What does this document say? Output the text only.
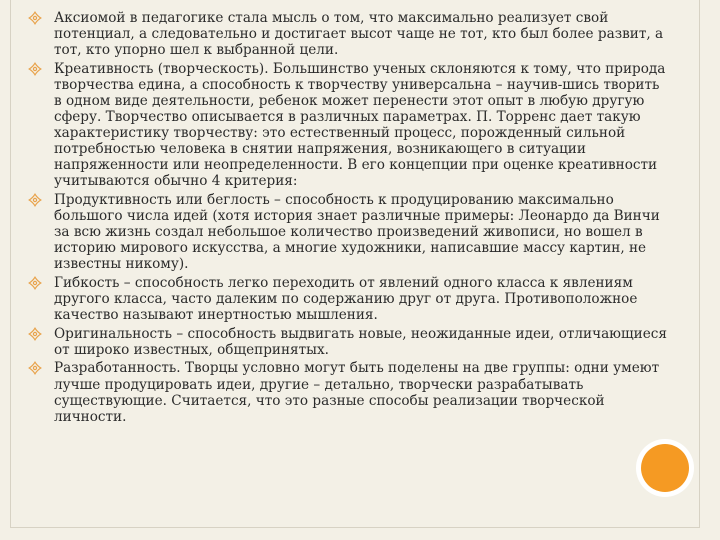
Аксиомой в педагогике стала мысль о том, что максимально реализует свой потенциал, а следовательно и достигает высот чаще не тот, кто был более развит, а тот, кто упорно шел к выбранной цели.
Креативность (творческость). Большинство ученых склоняются к тому, что природа творчества едина, а способность к творчеству универсальна – научив-шись творить в одном виде деятельности, ребенок может перенести этот опыт в любую другую сферу. Творчество описывается в различных параметрах. П. Торренс дает такую характеристику творчеству: это естественный процесс, порожденный сильной потребностью человека в снятии напряжения, возникающего в ситуации напряженности или неопределенности. В его концепции при оценке креативности учитываются обычно 4 критерия:
Продуктивность или беглость – способность к продуцированию максимально большого числа идей (хотя история знает различные примеры: Леонардо да Винчи за всю жизнь создал небольшое количество произведений живописи, но вошел в историю мирового искусства, а многие художники, написавшие массу картин, не известны никому).
Гибкость – способность легко переходить от явлений одного класса к явлениям другого класса, часто далеким по содержанию друг от друга. Противоположное качество называют инертностью мышления.
Оригинальность – способность выдвигать новые, неожиданные идеи, отличающиеся от широко известных, общепринятых.
Разработанность. Творцы условно могут быть поделены на две группы: одни умеют лучше продуцировать идеи, другие – детально, творчески разрабатывать существующие. Считается, что это разные способы реализации творческой личности.
